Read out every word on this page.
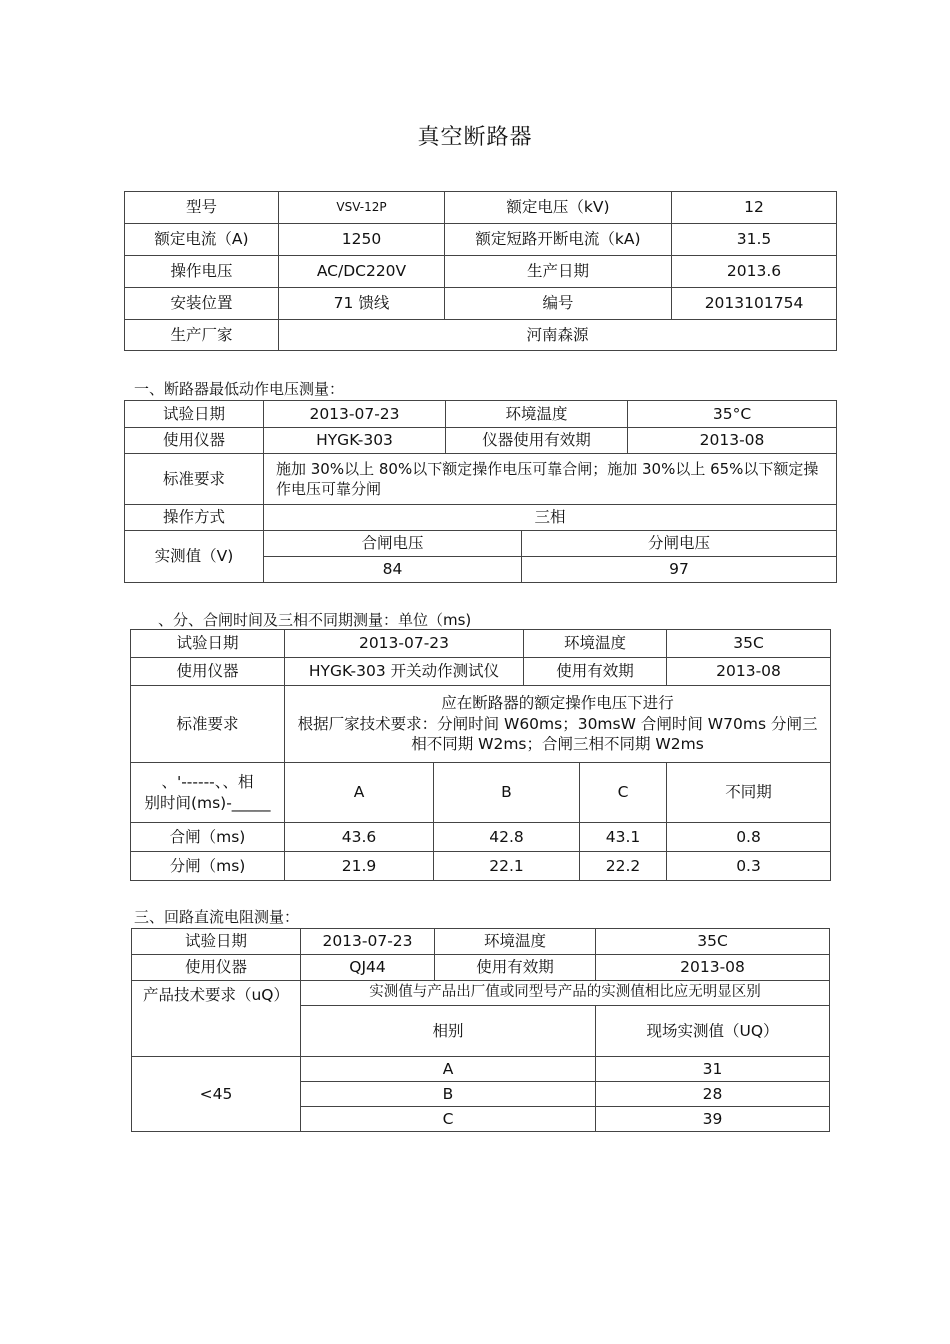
真空断路器
型号	VSV-12P	额定电压（kV)	12
额定电流（A)	1250	额定短路开断电流（kA)	31.5
操作电压	AC/DC220V	生产日期	2013.6
安装位置	71 馈线	编号	2013101754
生产厂家	河南森源		
一、断路器最低动作电压测量：
试验日期	2013-07-23	环境温度		35°C
使用仪器	HYGK-303	仪器使用有效期		2013-08
标准要求	施加 30%以上 80%以下额定操作电压可靠合闸；施加 30%以上 65%以下额定操作电压可靠分闸			
操作方式	三相			
实测值（V)	合闸电压		分闸电压	
	84		97	
、分、合闸时间及三相不同期测量：单位（ms)
试验日期	2013-07-23		环境温度		35C
使用仪器	HYGK-303 开关动作测试仪		使用有效期		2013-08
标准要求	应在断路器的额定操作电压下进行
根据厂家技术要求：分闸时间 W60ms；30msW 合闸时间 W70ms 分闸三相不同期 W2ms；合闸三相不同期 W2ms				

、'------、、相
别时间(ms)-_____	A	B		C	不同期
合闸（ms)	43.6	42.8		43.1	0.8
分闸（ms)	21.9	22.1		22.2	0.3
三、回路直流电阻测量：
试验日期	2013-07-23	环境温度	35C
使用仪器	QJ44	使用有效期	2013-08
产品技术要求（uQ）	实测值与产品出厂值或同型号产品的实测值相比应无明显区别		
	相别		现场实测值（UQ）
<45	A		31
	B		28
	C		39
